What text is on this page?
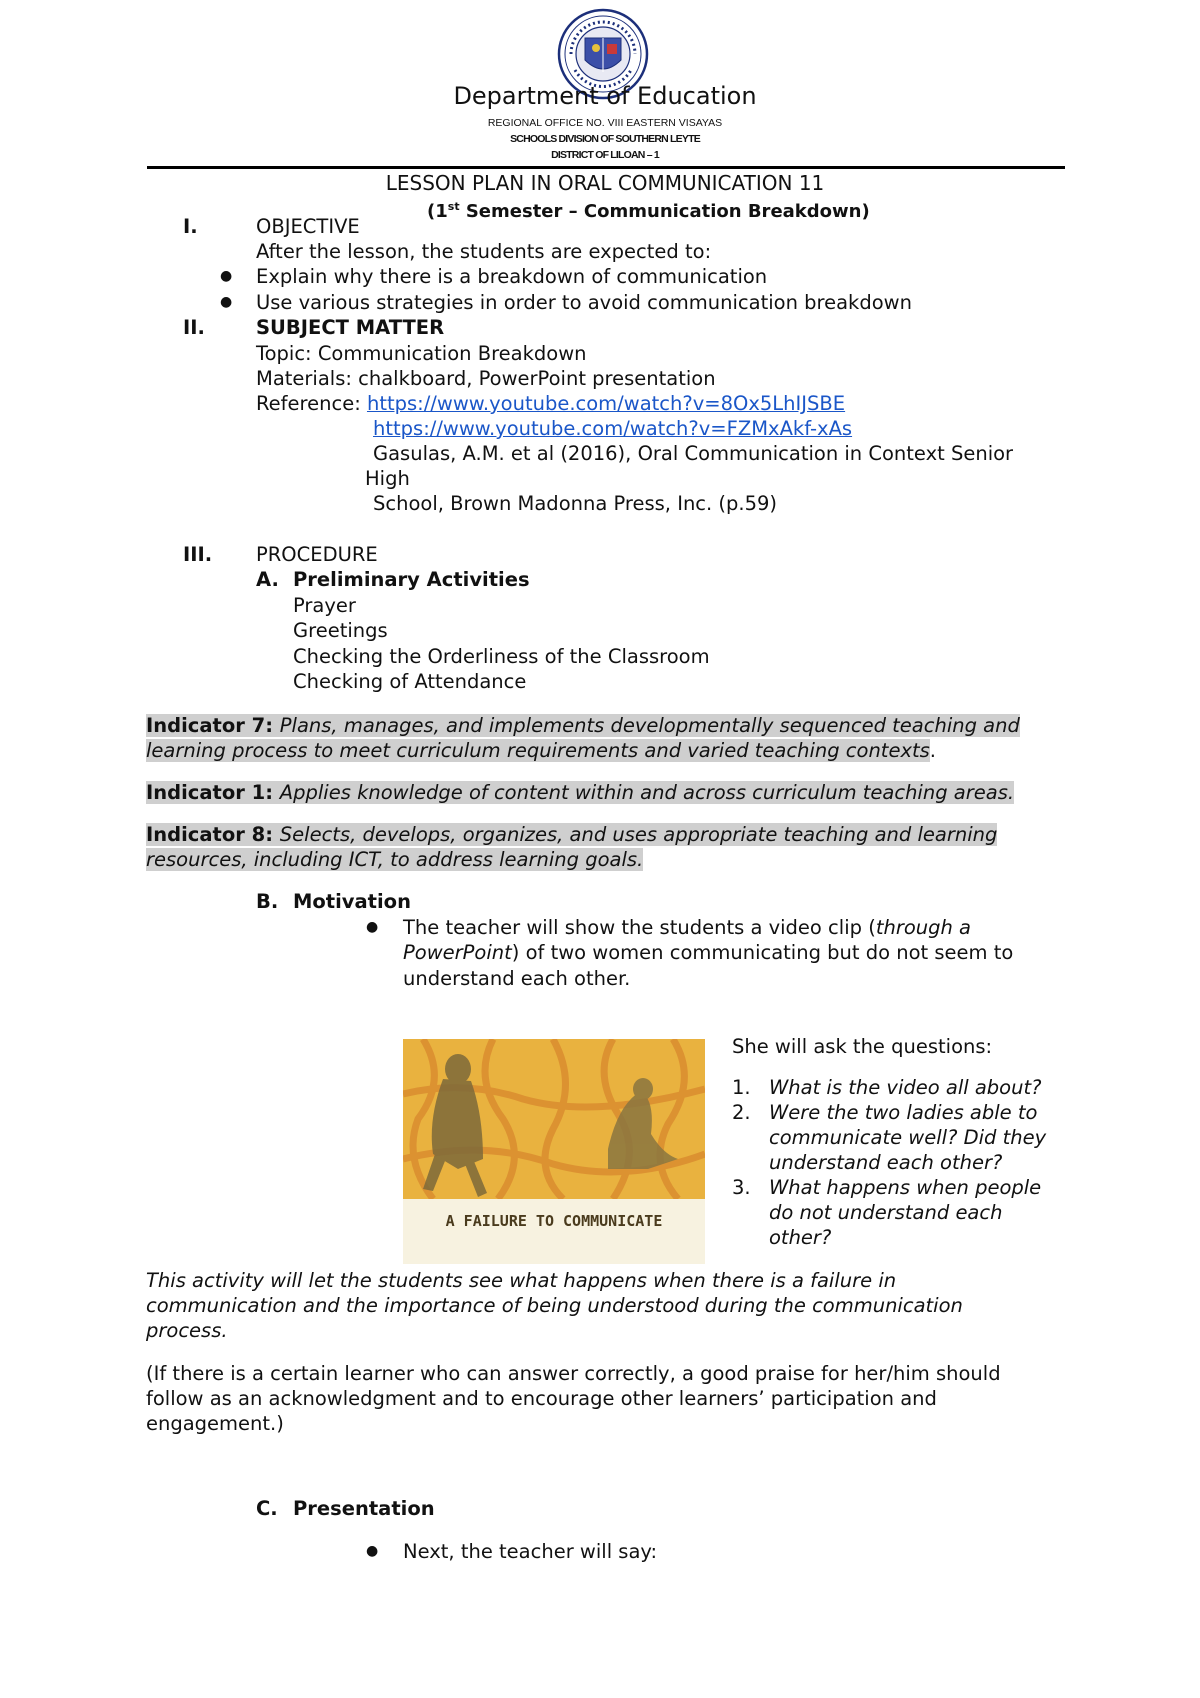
Department of Education
REGIONAL OFFICE NO. VIII EASTERN VISAYAS
SCHOOLS DIVISION OF SOUTHERN LEYTE
DISTRICT OF LILOAN – 1
LESSON PLAN IN ORAL COMMUNICATION 11
(1st Semester – Communication Breakdown)
I.	OBJECTIVE
After the lesson, the students are expected to:
● Explain why there is a breakdown of communication
● Use various strategies in order to avoid communication breakdown
II.	SUBJECT MATTER
Topic: Communication Breakdown
Materials: chalkboard, PowerPoint presentation
Reference: https://www.youtube.com/watch?v=8Ox5LhIJSBE
https://www.youtube.com/watch?v=FZMxAkf-xAs
Gasulas, A.M. et al (2016), Oral Communication in Context Senior
High
School, Brown Madonna Press, Inc. (p.59)
III. PROCEDURE
A. Preliminary Activities
Prayer
Greetings
Checking the Orderliness of the Classroom
Checking of Attendance
Indicator 7: Plans, manages, and implements developmentally sequenced teaching and
learning process to meet curriculum requirements and varied teaching contexts.
Indicator 1: Applies knowledge of content within and across curriculum teaching areas.
Indicator 8: Selects, develops, organizes, and uses appropriate teaching and learning
resources, including ICT, to address learning goals.
B. Motivation
● The teacher will show the students a video clip (through a
PowerPoint) of two women communicating but do not seem to
understand each other.
A FAILURE TO COMMUNICATE
She will ask the questions:
1. What is the video all about?
2. Were the two ladies able to
communicate well? Did they
understand each other?
3. What happens when people
do not understand each
other?
This activity will let the students see what happens when there is a failure in
communication and the importance of being understood during the communication
process.
(If there is a certain learner who can answer correctly, a good praise for her/him should
follow as an acknowledgment and to encourage other learners’ participation and
engagement.)
C. Presentation
● Next, the teacher will say:
